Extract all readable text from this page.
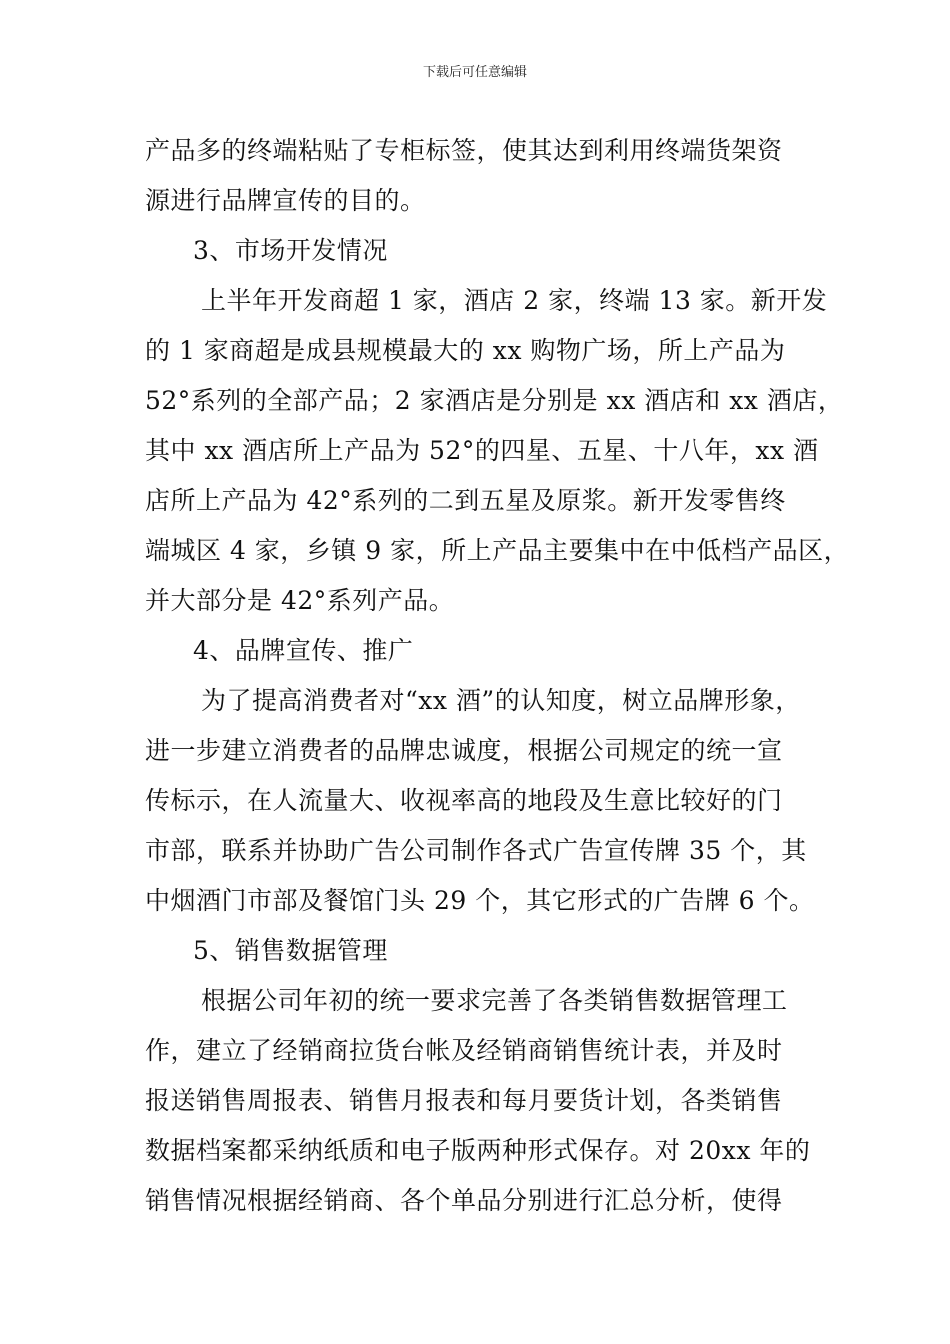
下载后可任意编辑
产品多的终端粘贴了专柜标签，使其达到利用终端货架资
源进行品牌宣传的目的。
3、市场开发情况
上半年开发商超 1 家，酒店 2 家，终端 13 家。新开发
的 1 家商超是成县规模最大的 xx 购物广场，所上产品为
52°系列的全部产品；2 家酒店是分别是 xx 酒店和 xx 酒店，
其中 xx 酒店所上产品为 52°的四星、五星、十八年，xx 酒
店所上产品为 42°系列的二到五星及原浆。新开发零售终
端城区 4 家，乡镇 9 家，所上产品主要集中在中低档产品区，
并大部分是 42°系列产品。
4、品牌宣传、推广
为了提高消费者对“xx 酒”的认知度，树立品牌形象，
进一步建立消费者的品牌忠诚度，根据公司规定的统一宣
传标示，在人流量大、收视率高的地段及生意比较好的门
市部，联系并协助广告公司制作各式广告宣传牌 35 个，其
中烟酒门市部及餐馆门头 29 个，其它形式的广告牌 6 个。
5、销售数据管理
根据公司年初的统一要求完善了各类销售数据管理工
作，建立了经销商拉货台帐及经销商销售统计表，并及时
报送销售周报表、销售月报表和每月要货计划，各类销售
数据档案都采纳纸质和电子版两种形式保存。对 20xx 年的
销售情况根据经销商、各个单品分别进行汇总分析，使得
